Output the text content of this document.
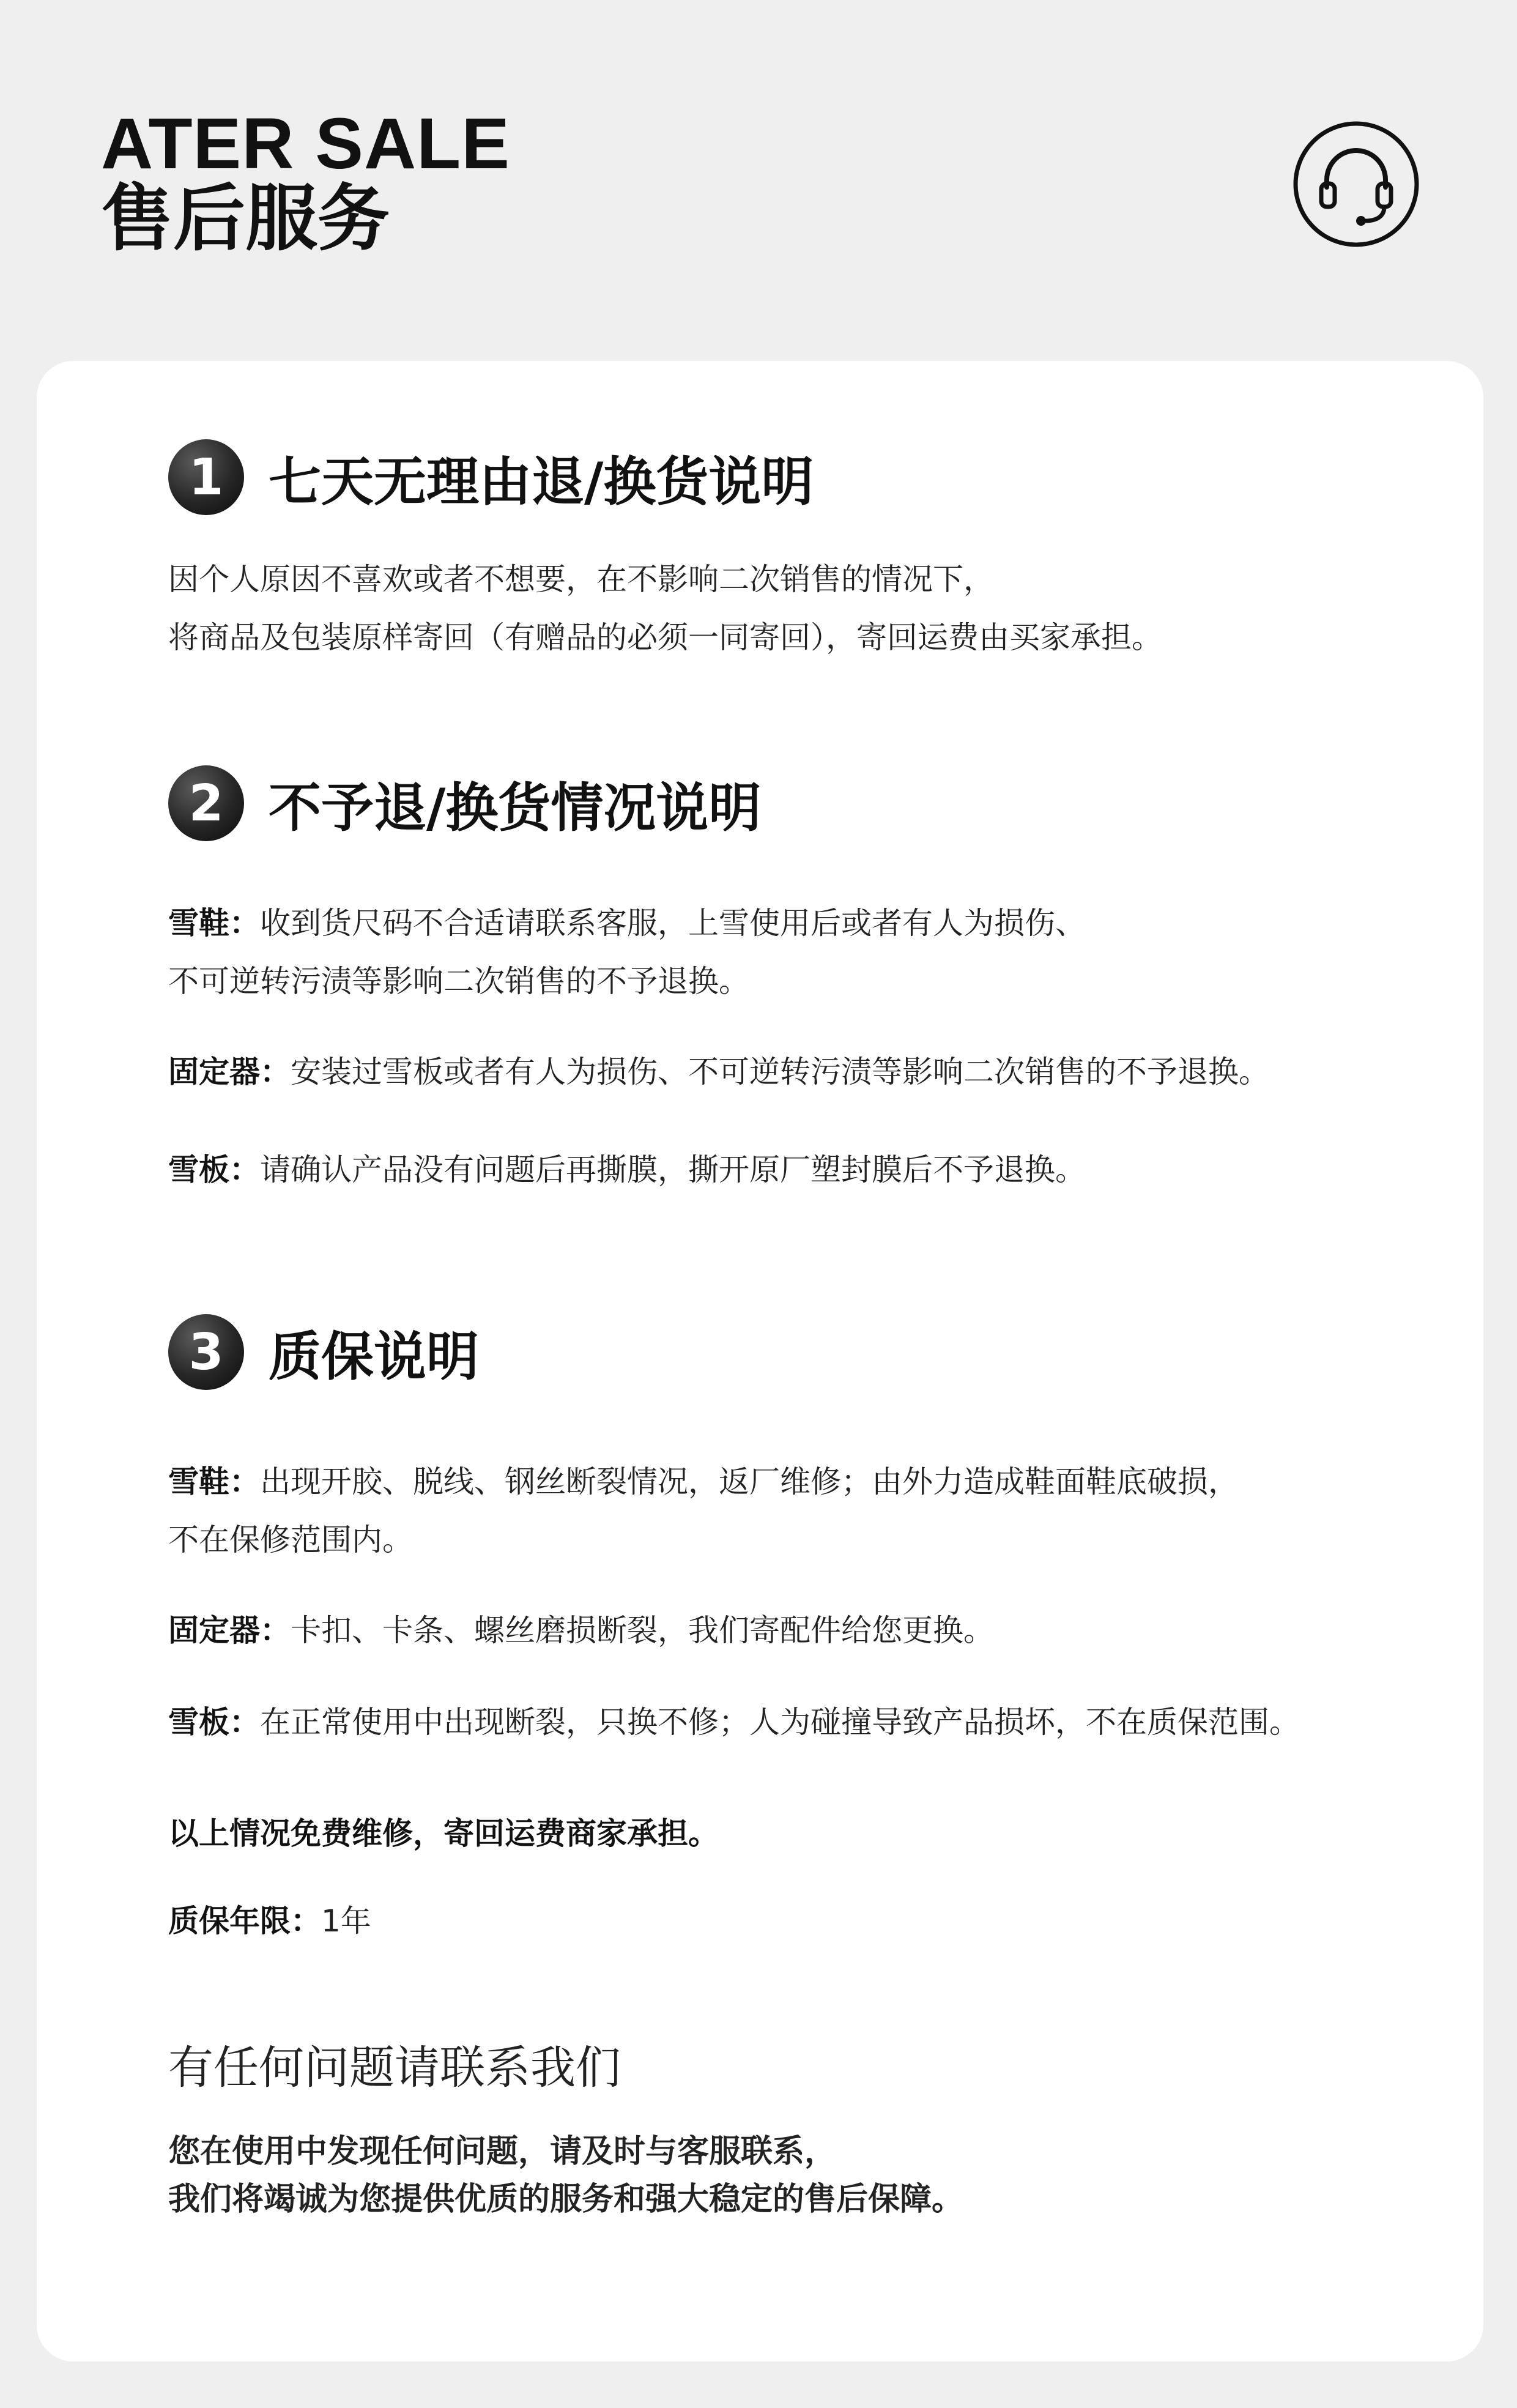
ATER SALE
售后服务
1 七天无理由退/换货说明
因个人原因不喜欢或者不想要，在不影响二次销售的情况下，
将商品及包装原样寄回（有赠品的必须一同寄回），寄回运费由买家承担。
2 不予退/换货情况说明
雪鞋：收到货尺码不合适请联系客服，上雪使用后或者有人为损伤、
不可逆转污渍等影响二次销售的不予退换。
固定器：安装过雪板或者有人为损伤、不可逆转污渍等影响二次销售的不予退换。
雪板：请确认产品没有问题后再撕膜，撕开原厂塑封膜后不予退换。
3 质保说明
雪鞋：出现开胶、脱线、钢丝断裂情况，返厂维修；由外力造成鞋面鞋底破损，
不在保修范围内。
固定器：卡扣、卡条、螺丝磨损断裂，我们寄配件给您更换。
雪板：在正常使用中出现断裂，只换不修；人为碰撞导致产品损坏，不在质保范围。
以上情况免费维修，寄回运费商家承担。
质保年限：1年
有任何问题请联系我们
您在使用中发现任何问题，请及时与客服联系，
我们将竭诚为您提供优质的服务和强大稳定的售后保障。
